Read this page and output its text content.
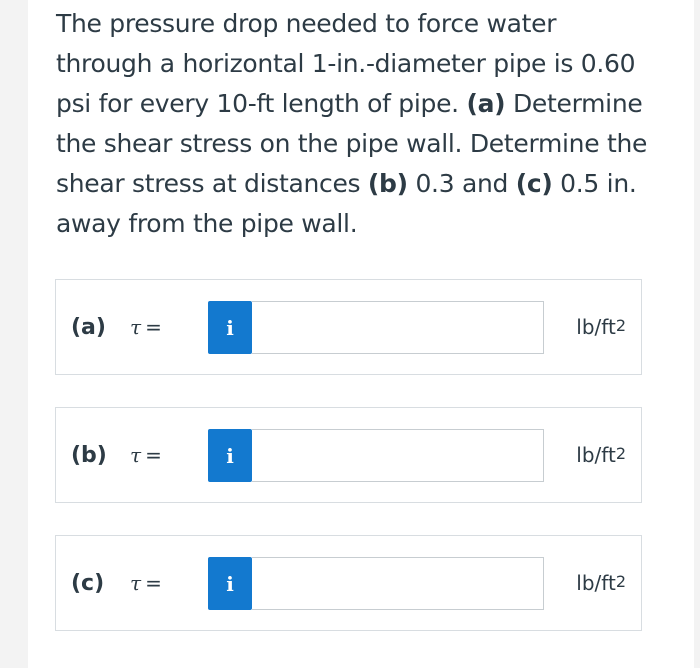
The pressure drop needed to force water through a horizontal 1-in.-diameter pipe is 0.60 psi for every 10-ft length of pipe. (a) Determine the shear stress on the pipe wall. Determine the shear stress at distances (b) 0.3 and (c) 0.5 in. away from the pipe wall.

(a) τ =	i	$lb/ft^2$
(b) τ =	i	$lb/ft^2$
(c) τ =	i	$lb/ft^2$
